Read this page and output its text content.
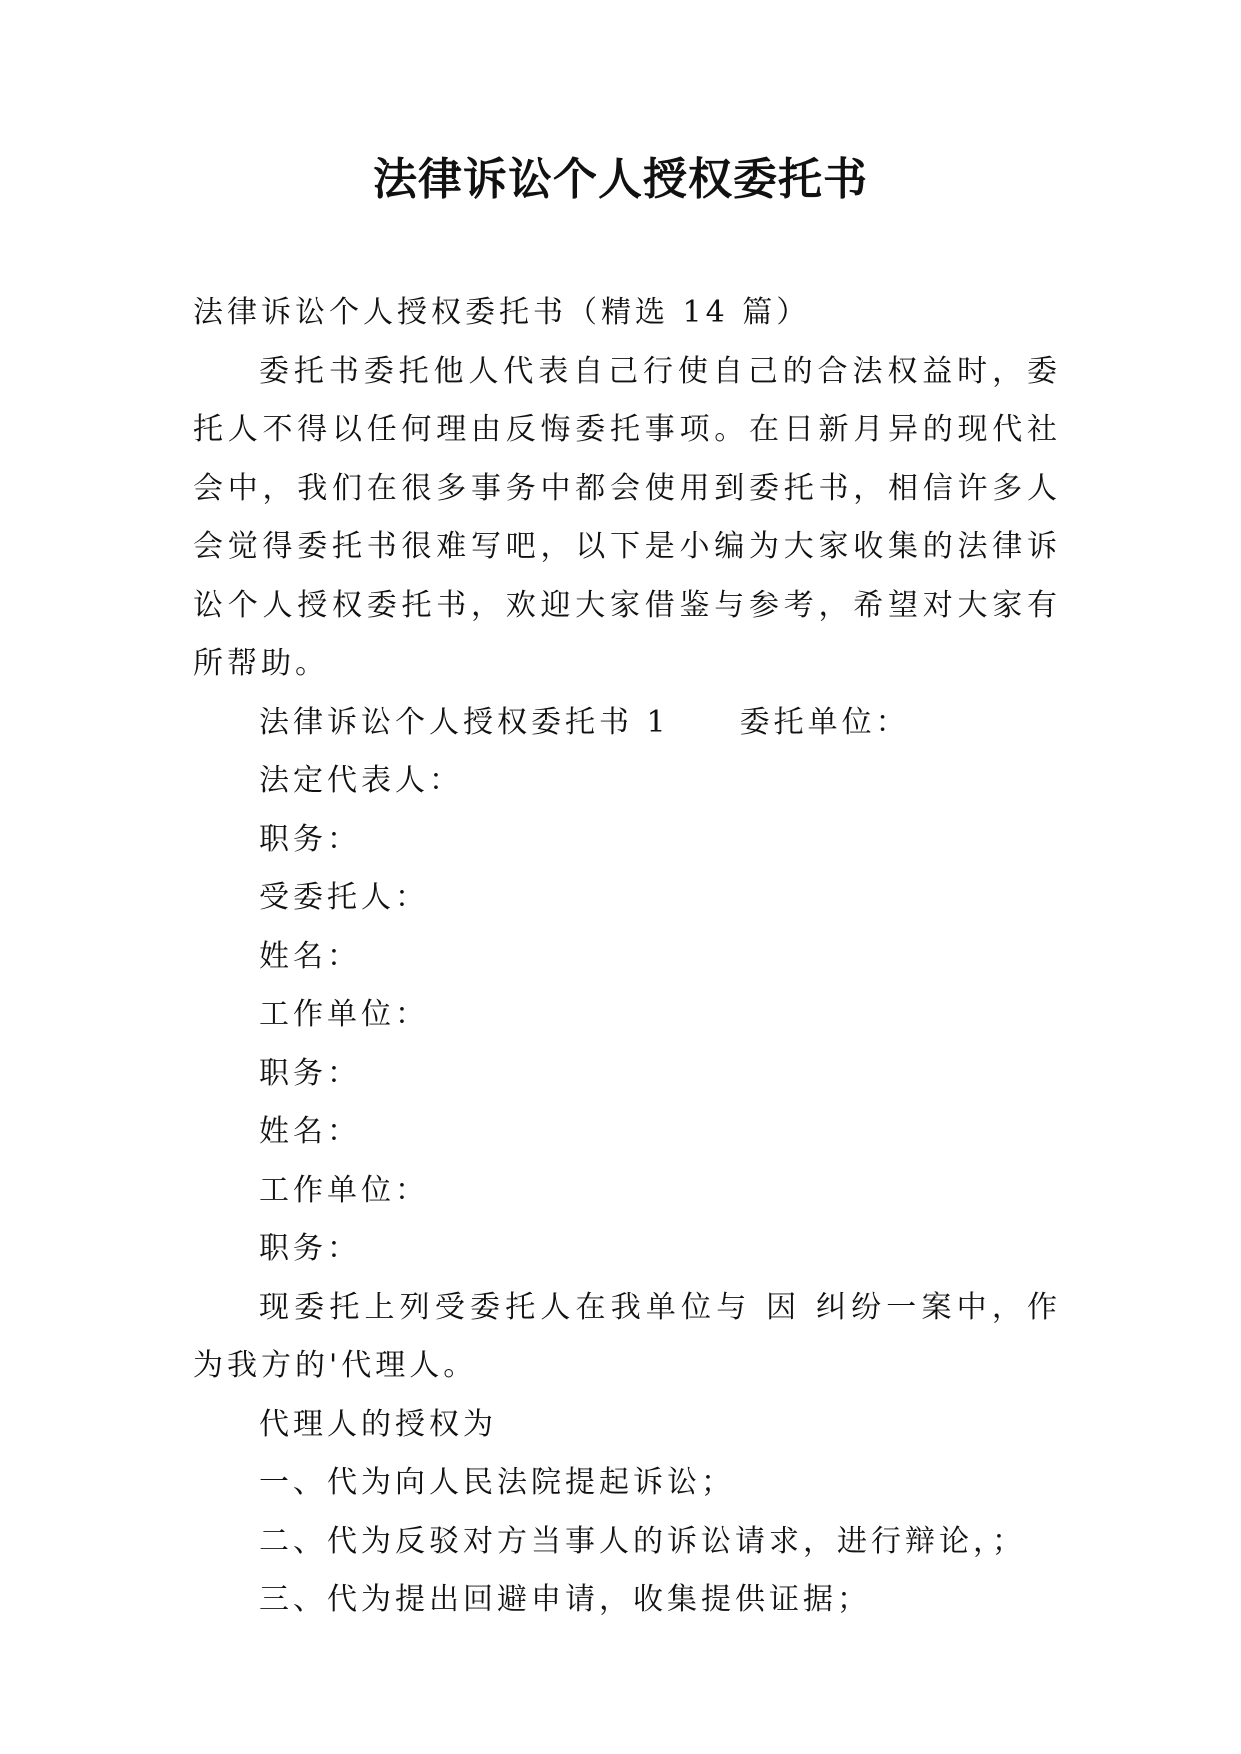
法律诉讼个人授权委托书

法律诉讼个人授权委托书（精选 14 篇）

委托书委托他人代表自己行使自己的合法权益时，委托人不得以任何理由反悔委托事项。在日新月异的现代社会中，我们在很多事务中都会使用到委托书，相信许多人会觉得委托书很难写吧，以下是小编为大家收集的法律诉讼个人授权委托书，欢迎大家借鉴与参考，希望对大家有所帮助。

法律诉讼个人授权委托书 1 委托单位：

法定代表人：

职务：

受委托人：

姓名：

工作单位：

职务：

姓名：

工作单位：

职务：

现委托上列受委托人在我单位与 因 纠纷一案中，作为我方的'代理人。

代理人的授权为

一、代为向人民法院提起诉讼；

二、代为反驳对方当事人的诉讼请求，进行辩论，；

三、代为提出回避申请，收集提供证据；
